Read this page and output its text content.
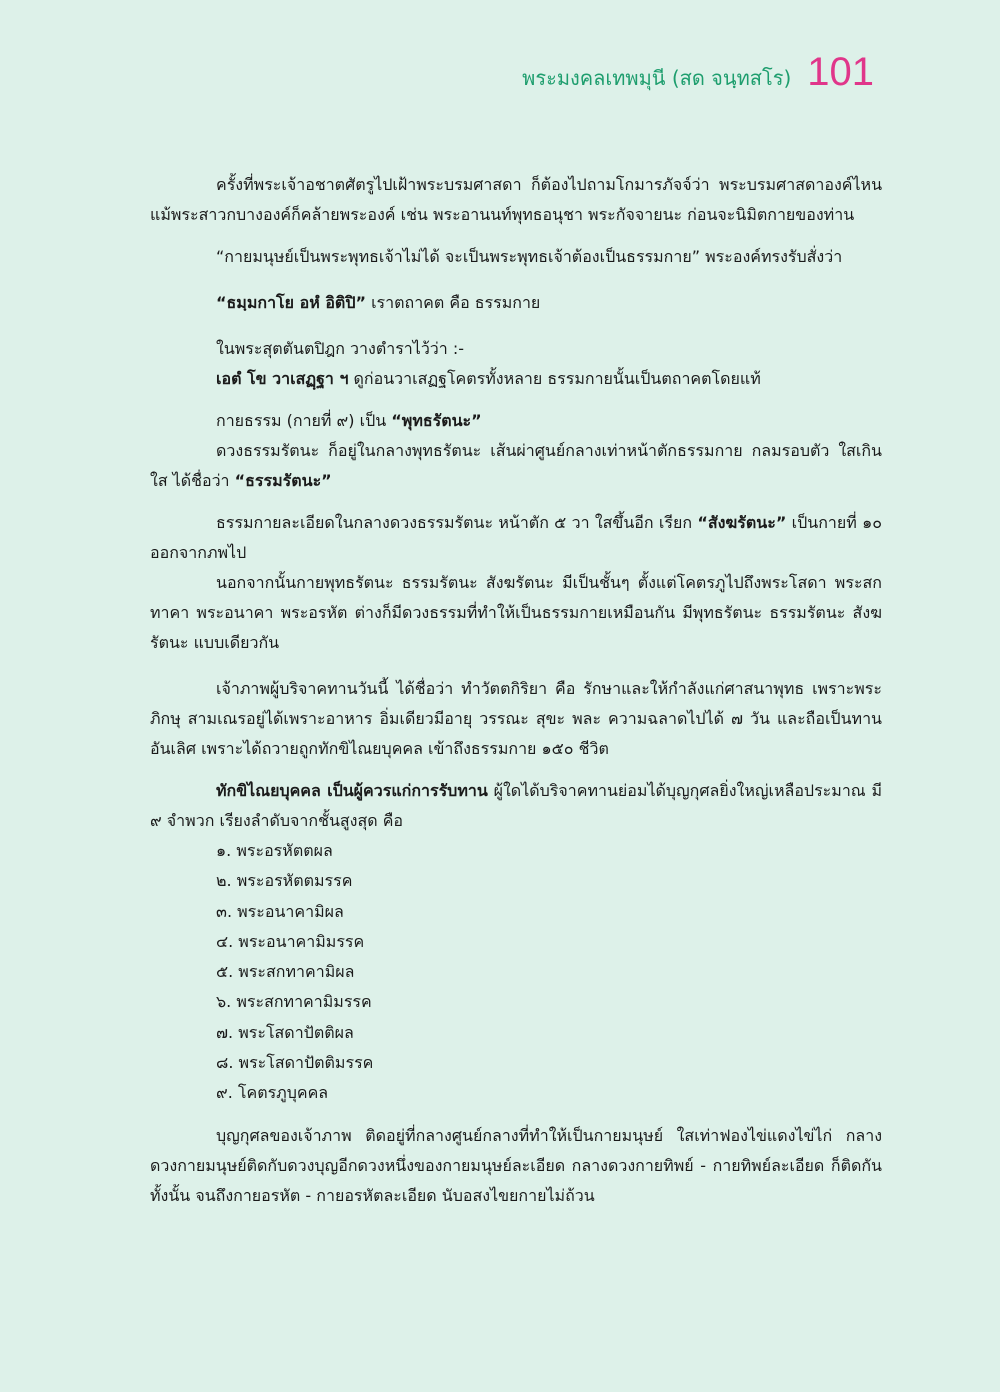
พระมงคลเทพมุนี (สด จนฺทสโร) 101

ครั้งที่พระเจ้าอชาตศัตรูไปเฝ้าพระบรมศาสดา ก็ต้องไปถามโกมารภัจจ์ว่า พระบรมศาสดาองค์ไหน แม้พระสาวกบางองค์ก็คล้ายพระองค์ เช่น พระอานนท์พุทธอนุชา พระกัจจายนะ ก่อนจะนิมิตกายของท่าน

“กายมนุษย์เป็นพระพุทธเจ้าไม่ได้ จะเป็นพระพุทธเจ้าต้องเป็นธรรมกาย” พระองค์ทรงรับสั่งว่า

“ธมฺมกาโย อหํ อิติปิ” เราตถาคต คือ ธรรมกาย

ในพระสุตตันตปิฎก วางตำราไว้ว่า :-

เอตํ โข วาเสฏฺฐา ฯ ดูก่อนวาเสฏฐโคตรทั้งหลาย ธรรมกายนั้นเป็นตถาคตโดยแท้

กายธรรม (กายที่ ๙) เป็น “พุทธรัตนะ”

ดวงธรรมรัตนะ ก็อยู่ในกลางพุทธรัตนะ เส้นผ่าศูนย์กลางเท่าหน้าตักธรรมกาย กลมรอบตัว ใสเกินใส ได้ชื่อว่า “ธรรมรัตนะ”

ธรรมกายละเอียดในกลางดวงธรรมรัตนะ หน้าตัก ๕ วา ใสขึ้นอีก เรียก “สังฆรัตนะ” เป็นกายที่ ๑๐ ออกจากภพไป

นอกจากนั้นกายพุทธรัตนะ ธรรมรัตนะ สังฆรัตนะ มีเป็นชั้นๆ ตั้งแต่โคตรภูไปถึงพระโสดา พระสกทาคา พระอนาคา พระอรหัต ต่างก็มีดวงธรรมที่ทำให้เป็นธรรมกายเหมือนกัน มีพุทธรัตนะ ธรรมรัตนะ สังฆรัตนะ แบบเดียวกัน

เจ้าภาพผู้บริจาคทานวันนี้ ได้ชื่อว่า ทำวัตตกิริยา คือ รักษาและให้กำลังแก่ศาสนาพุทธ เพราะพระภิกษุ สามเณรอยู่ได้เพราะอาหาร อิ่มเดียวมีอายุ วรรณะ สุขะ พละ ความฉลาดไปได้ ๗ วัน และถือเป็นทานอันเลิศ เพราะได้ถวายถูกทักขิไณยบุคคล เข้าถึงธรรมกาย ๑๕๐ ชีวิต

ทักขิไณยบุคคล เป็นผู้ควรแก่การรับทาน ผู้ใดได้บริจาคทานย่อมได้บุญกุศลยิ่งใหญ่เหลือประมาณ มี ๙ จำพวก เรียงลำดับจากชั้นสูงสุด คือ

๑. พระอรหัตตผล
๒. พระอรหัตตมรรค
๓. พระอนาคามิผล
๔. พระอนาคามิมรรค
๕. พระสกทาคามิผล
๖. พระสกทาคามิมรรค
๗. พระโสดาปัตติผล
๘. พระโสดาปัตติมรรค
๙. โคตรภูบุคคล

บุญกุศลของเจ้าภาพ ติดอยู่ที่กลางศูนย์กลางที่ทำให้เป็นกายมนุษย์ ใสเท่าฟองไข่แดงไข่ไก่ กลางดวงกายมนุษย์ติดกับดวงบุญอีกดวงหนึ่งของกายมนุษย์ละเอียด กลางดวงกายทิพย์ - กายทิพย์ละเอียด ก็ติดกันทั้งนั้น จนถึงกายอรหัต - กายอรหัตละเอียด นับอสงไขยกายไม่ถ้วน
